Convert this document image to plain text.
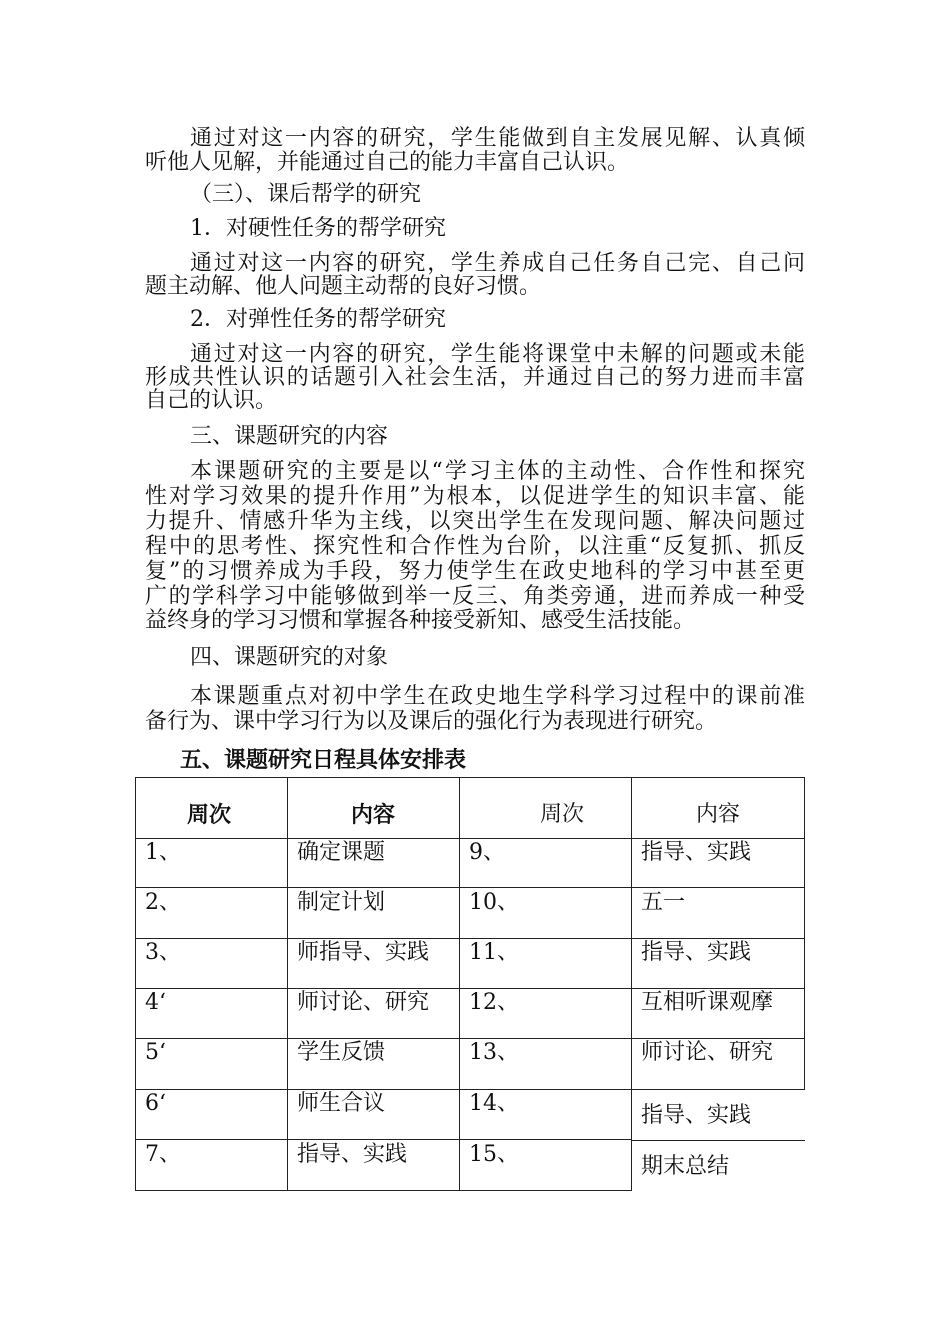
通过对这一内容的研究，学生能做到自主发展见解、认真倾
听他人见解，并能通过自己的能力丰富自己认识。
（三）、课后帮学的研究
1．对硬性任务的帮学研究
通过对这一内容的研究，学生养成自己任务自己完、自己问
题主动解、他人问题主动帮的良好习惯。
2．对弹性任务的帮学研究
通过对这一内容的研究，学生能将课堂中未解的问题或未能
形成共性认识的话题引入社会生活，并通过自己的努力进而丰富
自己的认识。
三、课题研究的内容
本课题研究的主要是以“学习主体的主动性、合作性和探究
性对学习效果的提升作用”为根本，以促进学生的知识丰富、能
力提升、情感升华为主线，以突出学生在发现问题、解决问题过
程中的思考性、探究性和合作性为台阶，以注重“反复抓、抓反
复”的习惯养成为手段，努力使学生在政史地科的学习中甚至更
广的学科学习中能够做到举一反三、角类旁通，进而养成一种受
益终身的学习习惯和掌握各种接受新知、感受生活技能。
四、课题研究的对象
本课题重点对初中学生在政史地生学科学习过程中的课前准
备行为、课中学习行为以及课后的强化行为表现进行研究。
五、课题研究日程具体安排表
周次	内容	周次	内容
1、	确定课题	9、	指导、实践
2、	制定计划	10、	五一
3、	师指导、实践 11、	指导、实践
4‘	师讨论、研究 12、	互相听课观摩
5‘	学生反馈	13、	师讨论、研究
6‘	师生合议	14、	指导、实践
7、	指导、实践	15、	期末总结
